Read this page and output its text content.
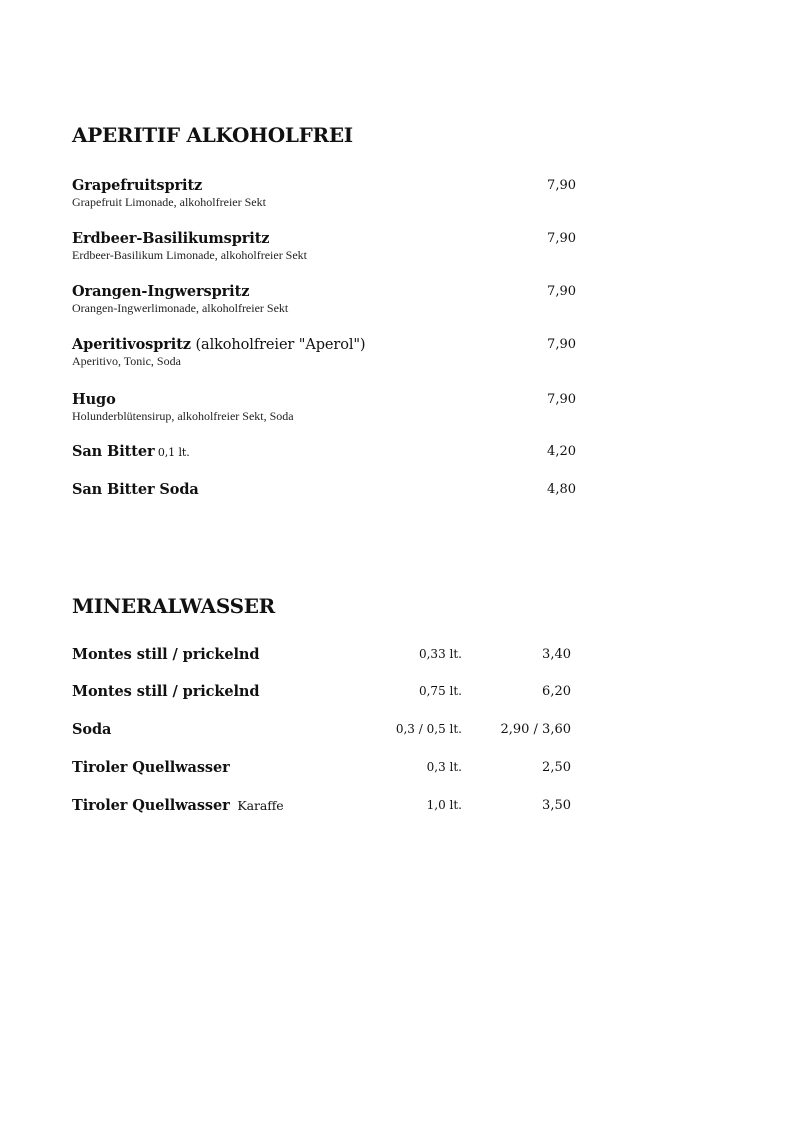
APERITIF ALKOHOLFREI
Grapefruitspritz
Grapefruit Limonade, alkoholfreier Sekt
7,90
Erdbeer-Basilikumspritz
Erdbeer-Basilikum Limonade, alkoholfreier Sekt
7,90
Orangen-Ingwerspritz
Orangen-Ingwerlimonade, alkoholfreier Sekt
7,90
Aperitivospritz (alkoholfreier "Aperol")
Aperitivo, Tonic, Soda
7,90
Hugo
Holunderblütensirup, alkoholfreier Sekt, Soda
7,90
San Bitter 0,1 lt.	4,20
San Bitter Soda	4,80
MINERALWASSER
Montes still / prickelnd	0,33 lt.	3,40
Montes still / prickelnd	0,75 lt.	6,20
Soda	0,3 / 0,5 lt.	2,90 / 3,60
Tiroler Quellwasser	0,3 lt.	2,50
Tiroler Quellwasser  Karaffe	1,0 lt.	3,50
